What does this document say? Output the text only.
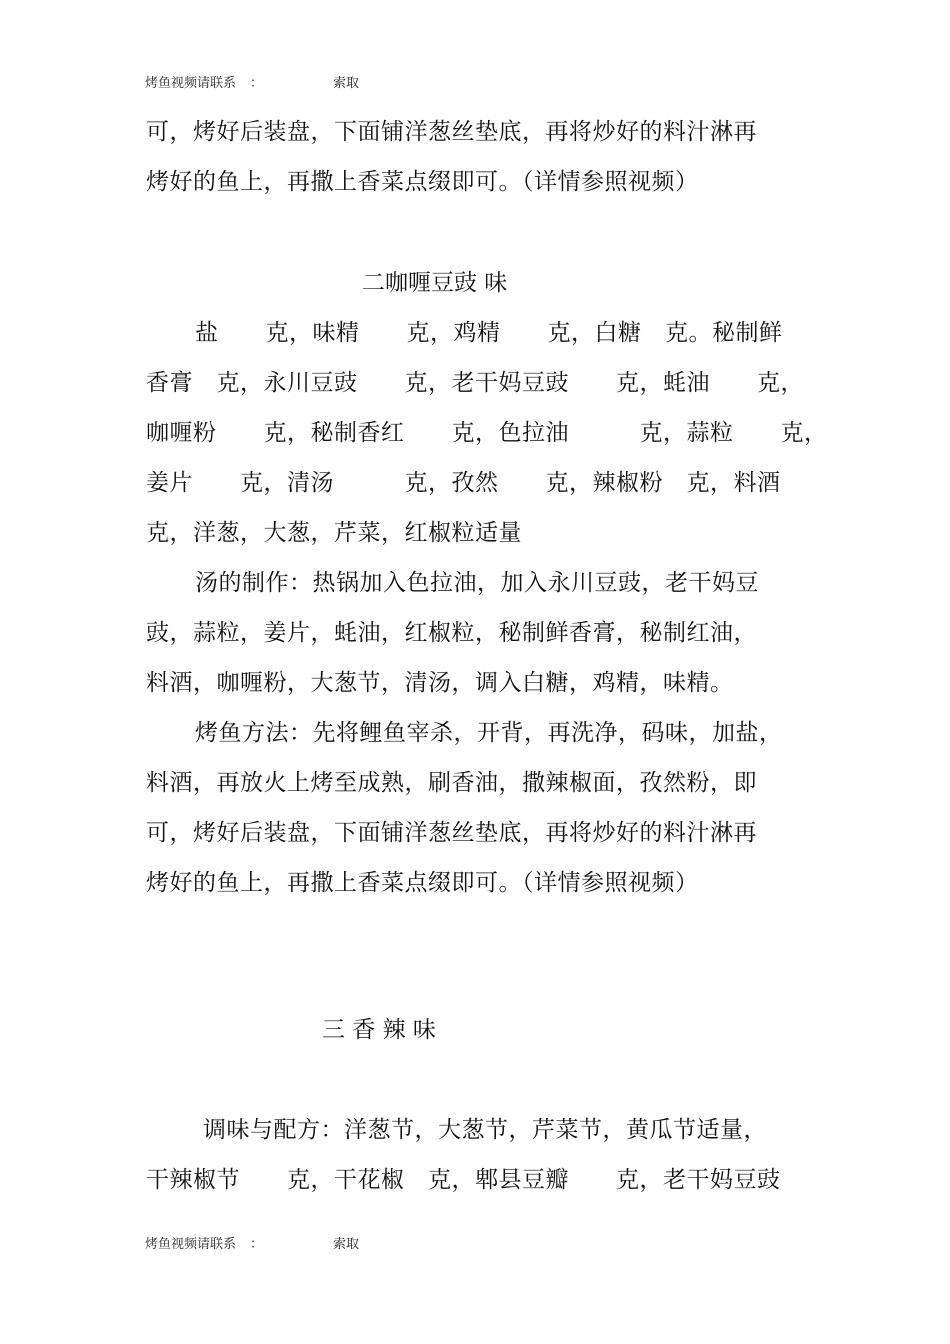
烤鱼视频请联系 ：	索取
可，烤好后装盘，下面铺洋葱丝垫底，再将炒好的料汁淋再
烤好的鱼上，再撒上香菜点缀即可。（详情参照视频）
二咖喱豆豉 味
盐　　克，味精　　克，鸡精　　克，白糖　克。秘制鲜
香膏　克，永川豆豉　　克，老干妈豆豉　　克，蚝油　　克，
咖喱粉　　克，秘制香红　　克，色拉油　　　克，蒜粒　　克，
姜片　　克，清汤　　　克，孜然　　克，辣椒粉　克，料酒
克，洋葱，大葱，芹菜，红椒粒适量
汤的制作：热锅加入色拉油，加入永川豆豉，老干妈豆
豉，蒜粒，姜片，蚝油，红椒粒，秘制鲜香膏，秘制红油，
料酒，咖喱粉，大葱节，清汤，调入白糖，鸡精，味精。
烤鱼方法：先将鲤鱼宰杀，开背，再洗净，码味，加盐，
料酒，再放火上烤至成熟，刷香油，撒辣椒面，孜然粉，即
可，烤好后装盘，下面铺洋葱丝垫底，再将炒好的料汁淋再
烤好的鱼上，再撒上香菜点缀即可。（详情参照视频）
三 香 辣 味
调味与配方：洋葱节，大葱节，芹菜节，黄瓜节适量，
干辣椒节　　克，干花椒　克，郫县豆瓣　　克，老干妈豆豉
烤鱼视频请联系 ：	索取
